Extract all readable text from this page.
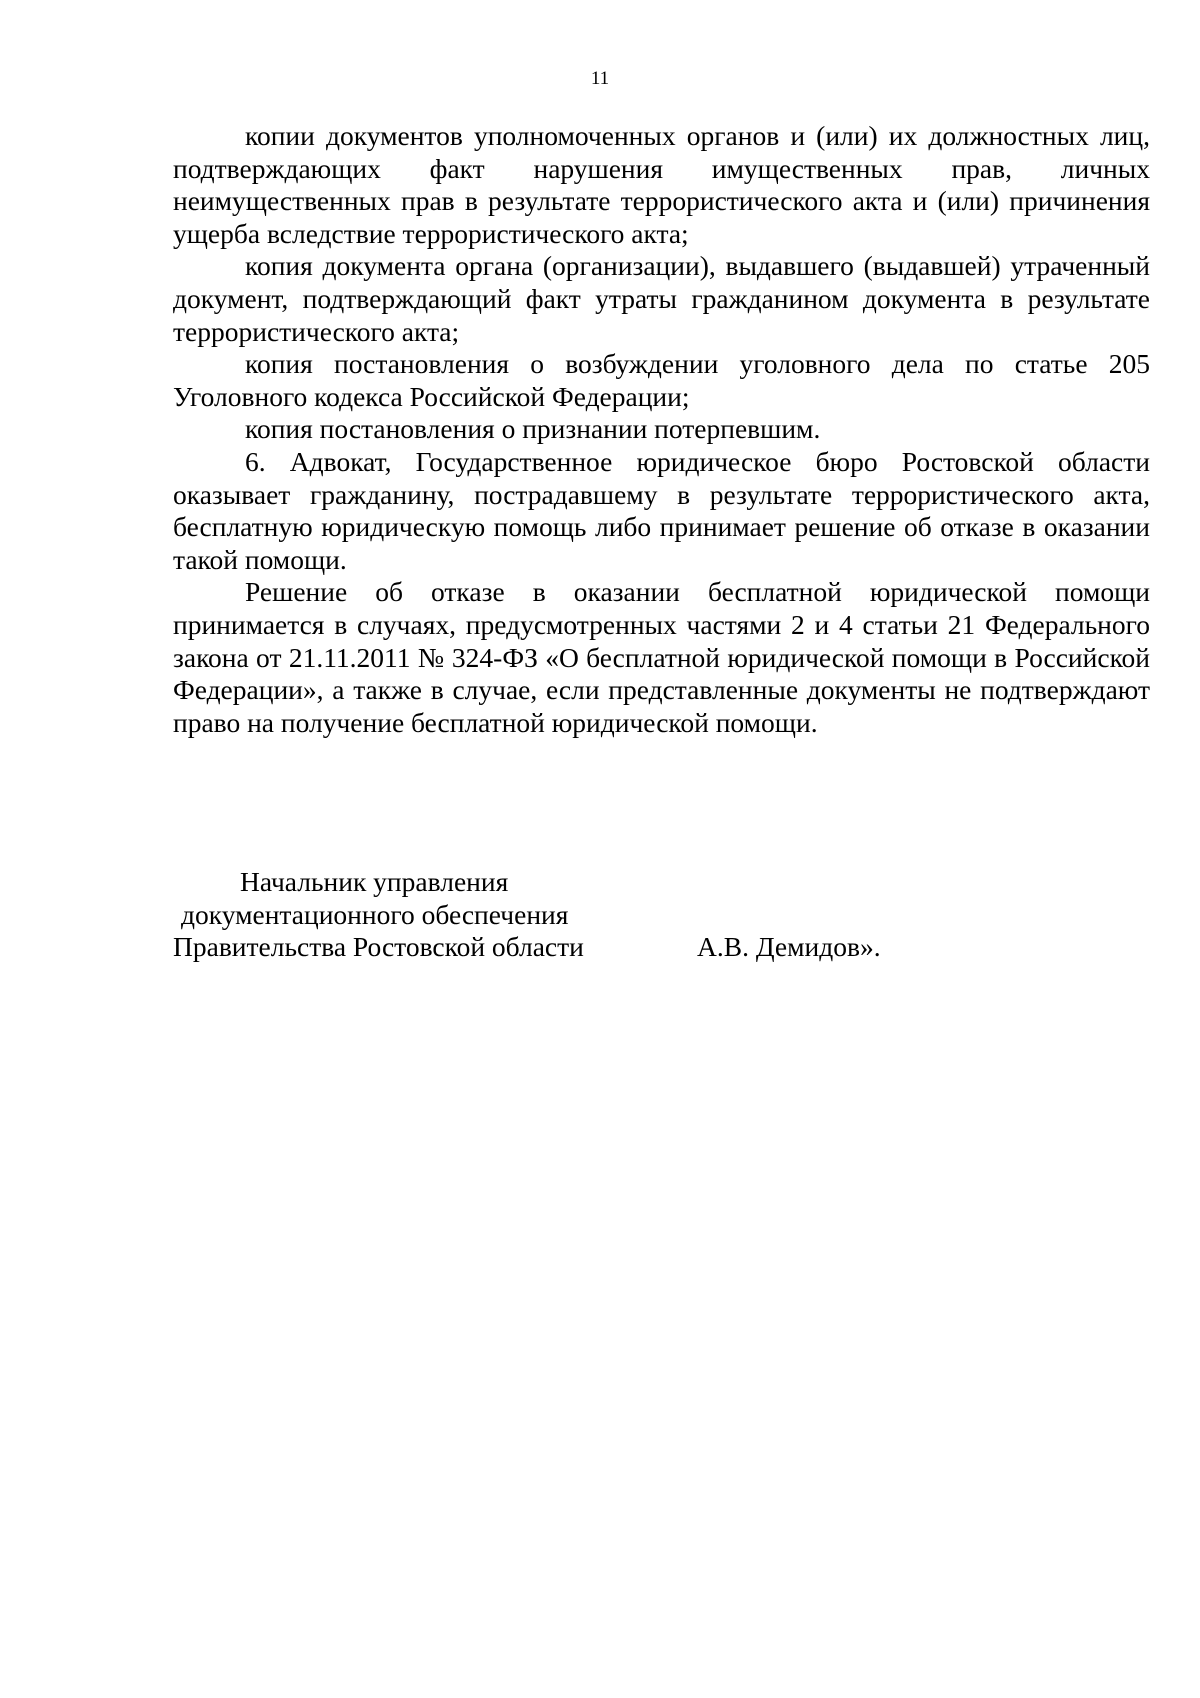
11

копии документов уполномоченных органов и (или) их должностных лиц, подтверждающих факт нарушения имущественных прав, личных неимущественных прав в результате террористического акта и (или) причинения ущерба вследствие террористического акта;

копия документа органа (организации), выдавшего (выдавшей) утраченный документ, подтверждающий факт утраты гражданином документа в результате террористического акта;

копия постановления о возбуждении уголовного дела по статье 205 Уголовного кодекса Российской Федерации;

копия постановления о признании потерпевшим.

6. Адвокат, Государственное юридическое бюро Ростовской области оказывает гражданину, пострадавшему в результате террористического акта, бесплатную юридическую помощь либо принимает решение об отказе в оказании такой помощи.

Решение об отказе в оказании бесплатной юридической помощи принимается в случаях, предусмотренных частями 2 и 4 статьи 21 Федерального закона от 21.11.2011 № 324-ФЗ «О бесплатной юридической помощи в Российской Федерации», а также в случае, если представленные документы не подтверждают право на получение бесплатной юридической помощи.

Начальник управления
документационного обеспечения
Правительства Ростовской области	А.В. Демидов».
